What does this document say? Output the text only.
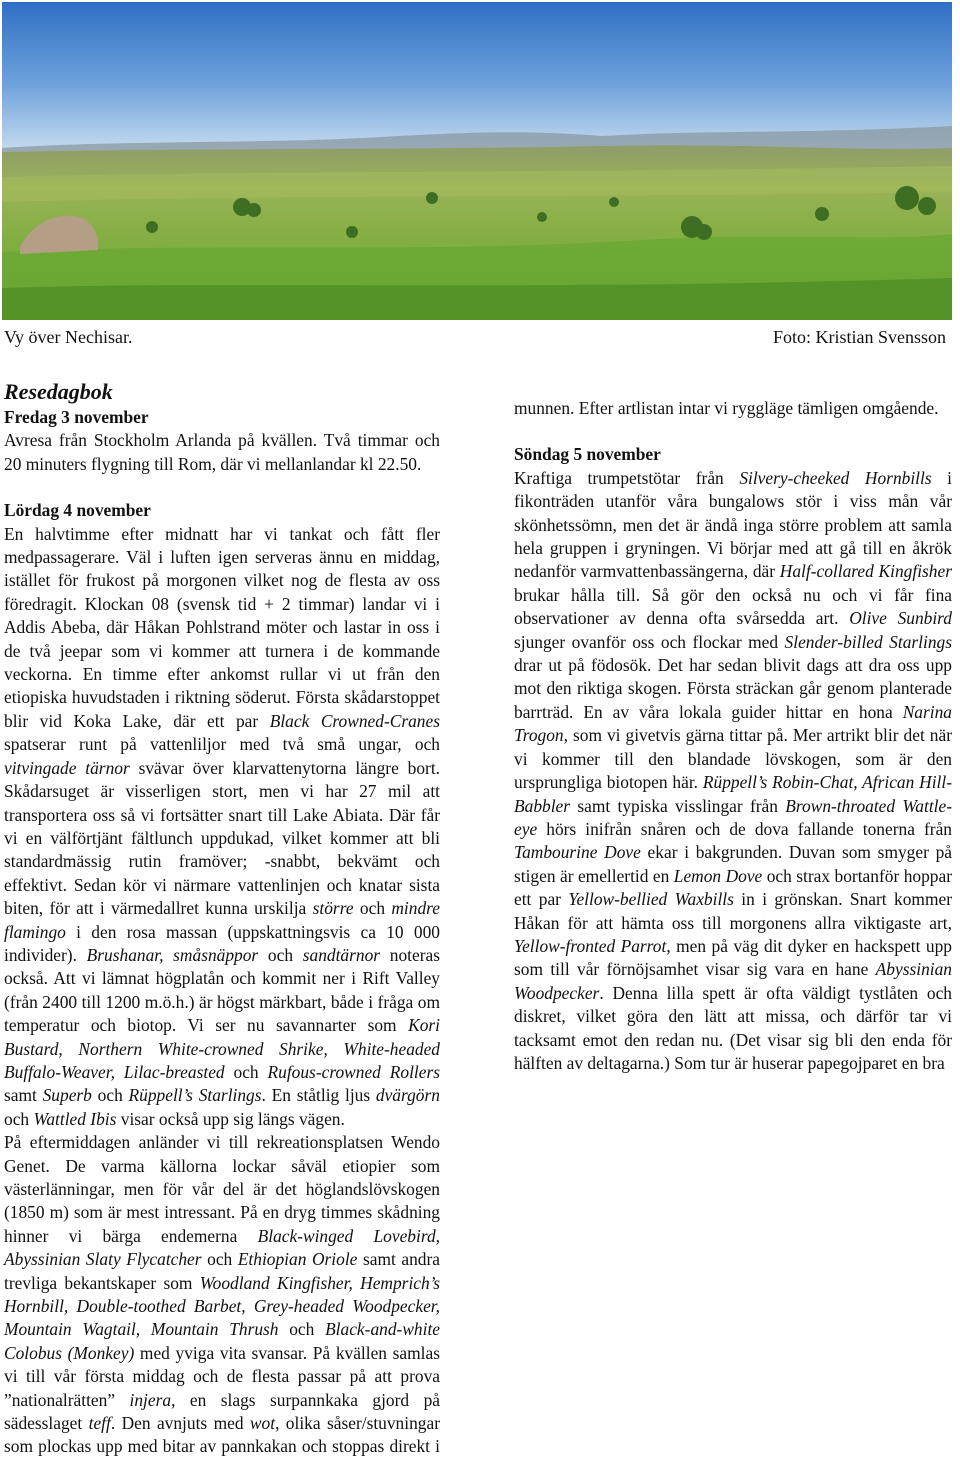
Vy över Nechisar.	Foto: Kristian Svensson

Resedagbok

Fredag 3 november

Avresa från Stockholm Arlanda på kvällen. Två timmar och 20 minuters flygning till Rom, där vi mellanlandar kl 22.50.

Lördag 4 november

En halvtimme efter midnatt har vi tankat och fått fler medpassagerare. Väl i luften igen serveras ännu en middag, istället för frukost på morgonen vilket nog de flesta av oss föredragit. Klockan 08 (svensk tid + 2 timmar) landar vi i Addis Abeba, där Håkan Pohlstrand möter och lastar in oss i de två jeepar som vi kommer att turnera i de kommande veckorna. En timme efter ankomst rullar vi ut från den etiopiska huvudstaden i riktning söderut. Första skådarstoppet blir vid Koka Lake, där ett par Black Crowned-Cranes spatserar runt på vattenliljor med två små ungar, och vitvingade tärnor svävar över klarvattenytorna längre bort. Skådarsuget är visserligen stort, men vi har 27 mil att transportera oss så vi fortsätter snart till Lake Abiata. Där får vi en välförtjänt fältlunch uppdukad, vilket kommer att bli standardmässig rutin framöver; -snabbt, bekvämt och effektivt. Sedan kör vi närmare vattenlinjen och knatar sista biten, för att i värmedallret kunna urskilja större och mindre flamingo i den rosa massan (uppskattningsvis ca 10 000 individer). Brushanar, småsnäppor och sandtärnor noteras också. Att vi lämnat högplatån och kommit ner i Rift Valley (från 2400 till 1200 m.ö.h.) är högst märkbart, både i fråga om temperatur och biotop. Vi ser nu savannarter som Kori Bustard, Northern White-crowned Shrike, White-headed Buffalo-Weaver, Lilac-breasted och Rufous-crowned Rollers samt Superb och Rüppell’s Starlings. En ståtlig ljus dvärgörn och Wattled Ibis visar också upp sig längs vägen.

På eftermiddagen anländer vi till rekreationsplatsen Wendo Genet. De varma källorna lockar såväl etiopier som västerlänningar, men för vår del är det höglandslövskogen (1850 m) som är mest intressant. På en dryg timmes skådning hinner vi bärga endemerna Black-winged Lovebird, Abyssinian Slaty Flycatcher och Ethiopian Oriole samt andra trevliga bekantskaper som Woodland Kingfisher, Hemprich’s Hornbill, Double-toothed Barbet, Grey-headed Woodpecker, Mountain Wagtail, Mountain Thrush och Black-and-white Colobus (Monkey) med yviga vita svansar. På kvällen samlas vi till vår första middag och de flesta passar på att prova ”nationalrätten” injera, en slags surpannkaka gjord på sädesslaget teff. Den avnjuts med wot, olika såser/stuvningar som plockas upp med bitar av pannkakan och stoppas direkt i

munnen. Efter artlistan intar vi ryggläge tämligen omgående.

Söndag 5 november

Kraftiga trumpetstötar från Silvery-cheeked Hornbills i fikonträden utanför våra bungalows stör i viss mån vår skönhetssömn, men det är ändå inga större problem att samla hela gruppen i gryningen. Vi börjar med att gå till en åkrök nedanför varmvattenbassängerna, där Half-collared Kingfisher brukar hålla till. Så gör den också nu och vi får fina observationer av denna ofta svårsedda art. Olive Sunbird sjunger ovanför oss och flockar med Slender-billed Starlings drar ut på födosök. Det har sedan blivit dags att dra oss upp mot den riktiga skogen. Första sträckan går genom planterade barrträd. En av våra lokala guider hittar en hona Narina Trogon, som vi givetvis gärna tittar på. Mer artrikt blir det när vi kommer till den blandade lövskogen, som är den ursprungliga biotopen här. Rüppell’s Robin-Chat, African Hill-Babbler samt typiska visslingar från Brown-throated Wattle-eye hörs inifrån snåren och de dova fallande tonerna från Tambourine Dove ekar i bakgrunden. Duvan som smyger på stigen är emellertid en Lemon Dove och strax bortanför hoppar ett par Yellow-bellied Waxbills in i grönskan. Snart kommer Håkan för att hämta oss till morgonens allra viktigaste art, Yellow-fronted Parrot, men på väg dit dyker en hackspett upp som till vår förnöjsamhet visar sig vara en hane Abyssinian Woodpecker. Denna lilla spett är ofta väldigt tystlåten och diskret, vilket göra den lätt att missa, och därför tar vi tacksamt emot den redan nu. (Det visar sig bli den enda för hälften av deltagarna.) Som tur är huserar papegojparet en bra
